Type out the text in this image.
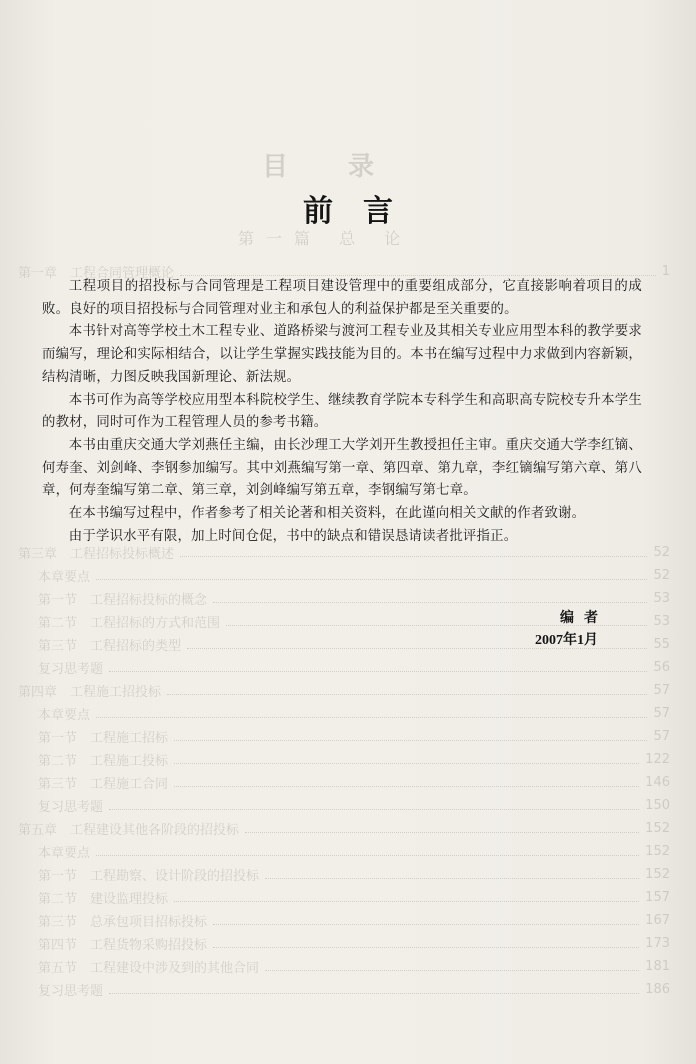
目录
第一篇 总 论
第一章　工程合同管理概论	1
第三章　工程招标投标概述	52
本章要点	52
第一节　工程招标投标的概念	53
第二节　工程招标的方式和范围	53
第三节　工程招标的类型	55
复习思考题	56
第四章　工程施工招投标	57
本章要点	57
第一节　工程施工招标	57
第二节　工程施工投标	122
第三节　工程施工合同	146
复习思考题	150
第五章　工程建设其他各阶段的招投标	152
本章要点	152
第一节　工程勘察、设计阶段的招投标	152
第二节　建设监理投标	157
第三节　总承包项目招标投标	167
第四节　工程货物采购招投标	173
第五节　工程建设中涉及到的其他合同	181
复习思考题	186
前言

工程项目的招投标与合同管理是工程项目建设管理中的重要组成部分，它直接影响着项目的成败。良好的项目招投标与合同管理对业主和承包人的利益保护都是至关重要的。

本书针对高等学校土木工程专业、道路桥梁与渡河工程专业及其相关专业应用型本科的教学要求而编写，理论和实际相结合，以让学生掌握实践技能为目的。本书在编写过程中力求做到内容新颖，结构清晰，力图反映我国新理论、新法规。

本书可作为高等学校应用型本科院校学生、继续教育学院本专科学生和高职高专院校专升本学生的教材，同时可作为工程管理人员的参考书籍。

本书由重庆交通大学刘燕任主编，由长沙理工大学刘开生教授担任主审。重庆交通大学李红镝、何寿奎、刘剑峰、李钢参加编写。其中刘燕编写第一章、第四章、第九章，李红镝编写第六章、第八章，何寿奎编写第二章、第三章，刘剑峰编写第五章，李钢编写第七章。

在本书编写过程中，作者参考了相关论著和相关资料，在此谨向相关文献的作者致谢。

由于学识水平有限，加上时间仓促，书中的缺点和错误恳请读者批评指正。

编者
2007年1月
